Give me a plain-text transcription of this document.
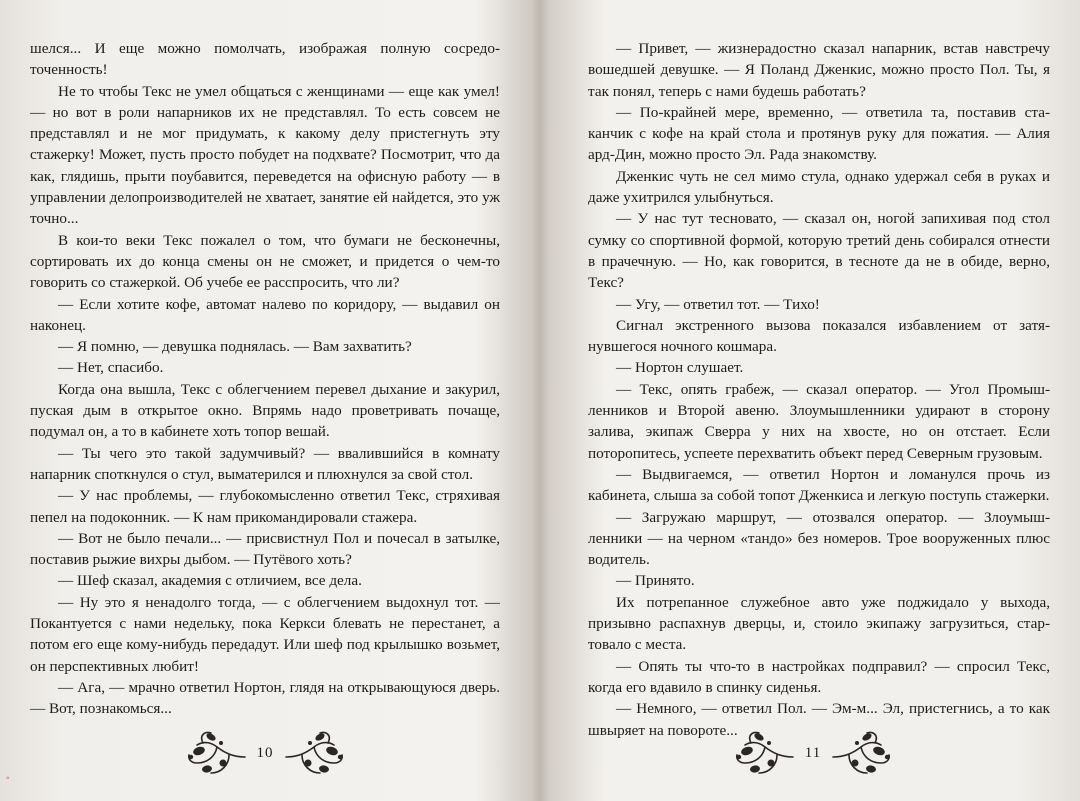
шелся... И еще можно помолчать, изображая полную сосредоточенность!

Не то чтобы Текс не умел общаться с женщинами — еще как умел! — но вот в роли напарников их не представлял. То есть совсем не представлял и не мог придумать, к какому делу пристегнуть эту стажерку! Может, пусть просто побудет на подхвате? Посмотрит, что да как, глядишь, прыти поубавится, переведется на офисную работу — в управлении делопроизводителей не хватает, занятие ей найдется, это уж точно...

В кои-то веки Текс пожалел о том, что бумаги не бесконечны, сортировать их до конца смены он не сможет, и придется о чем-то говорить со стажеркой. Об учебе ее расспросить, что ли?

— Если хотите кофе, автомат налево по коридору, — выдавил он наконец.

— Я помню, — девушка поднялась. — Вам захватить?

— Нет, спасибо.

Когда она вышла, Текс с облегчением перевел дыхание и закурил, пуская дым в открытое окно. Впрямь надо проветривать почаще, подумал он, а то в кабинете хоть топор вешай.

— Ты чего это такой задумчивый? — ввалившийся в комнату напарник споткнулся о стул, выматерился и плюхнулся за свой стол.

— У нас проблемы, — глубокомысленно ответил Текс, стряхивая пепел на подоконник. — К нам прикомандировали стажера.

— Вот не было печали... — присвистнул Пол и почесал в затылке, поставив рыжие вихры дыбом. — Путёвого хоть?

— Шеф сказал, академия с отличием, все дела.

— Ну это я ненадолго тогда, — с облегчением выдохнул тот. — Покантуется с нами недельку, пока Керкси блевать не перестанет, а потом его еще кому-нибудь передадут. Или шеф под крылышко возьмет, он перспективных любит!

— Ага, — мрачно ответил Нортон, глядя на открывающуюся дверь. — Вот, познакомься...

10

— Привет, — жизнерадостно сказал напарник, встав навстречу вошедшей девушке. — Я Поланд Дженкис, можно просто Пол. Ты, я так понял, теперь с нами будешь работать?

— По-крайней мере, временно, — ответила та, поставив стаканчик с кофе на край стола и протянув руку для пожатия. — Алия ард-Дин, можно просто Эл. Рада знакомству.

Дженкис чуть не сел мимо стула, однако удержал себя в руках и даже ухитрился улыбнуться.

— У нас тут тесновато, — сказал он, ногой запихивая под стол сумку со спортивной формой, которую третий день собирался отнести в прачечную. — Но, как говорится, в тесноте да не в обиде, верно, Текс?

— Угу, — ответил тот. — Тихо!

Сигнал экстренного вызова показался избавлением от затянувшегося ночного кошмара.

— Нортон слушает.

— Текс, опять грабеж, — сказал оператор. — Угол Промышленников и Второй авеню. Злоумышленники удирают в сторону залива, экипаж Сверра у них на хвосте, но он отстает. Если поторопитесь, успеете перехватить объект перед Северным грузовым.

— Выдвигаемся, — ответил Нортон и ломанулся прочь из кабинета, слыша за собой топот Дженкиса и легкую поступь стажерки.

— Загружаю маршрут, — отозвался оператор. — Злоумышленники — на черном «тандо» без номеров. Трое вооруженных плюс водитель.

— Принято.

Их потрепанное служебное авто уже поджидало у выхода, призывно распахнув дверцы, и, стоило экипажу загрузиться, стартовало с места.

— Опять ты что-то в настройках подправил? — спросил Текс, когда его вдавило в спинку сиденья.

— Немного, — ответил Пол. — Эм-м... Эл, пристегнись, а то как швыряет на повороте...

11
◦
